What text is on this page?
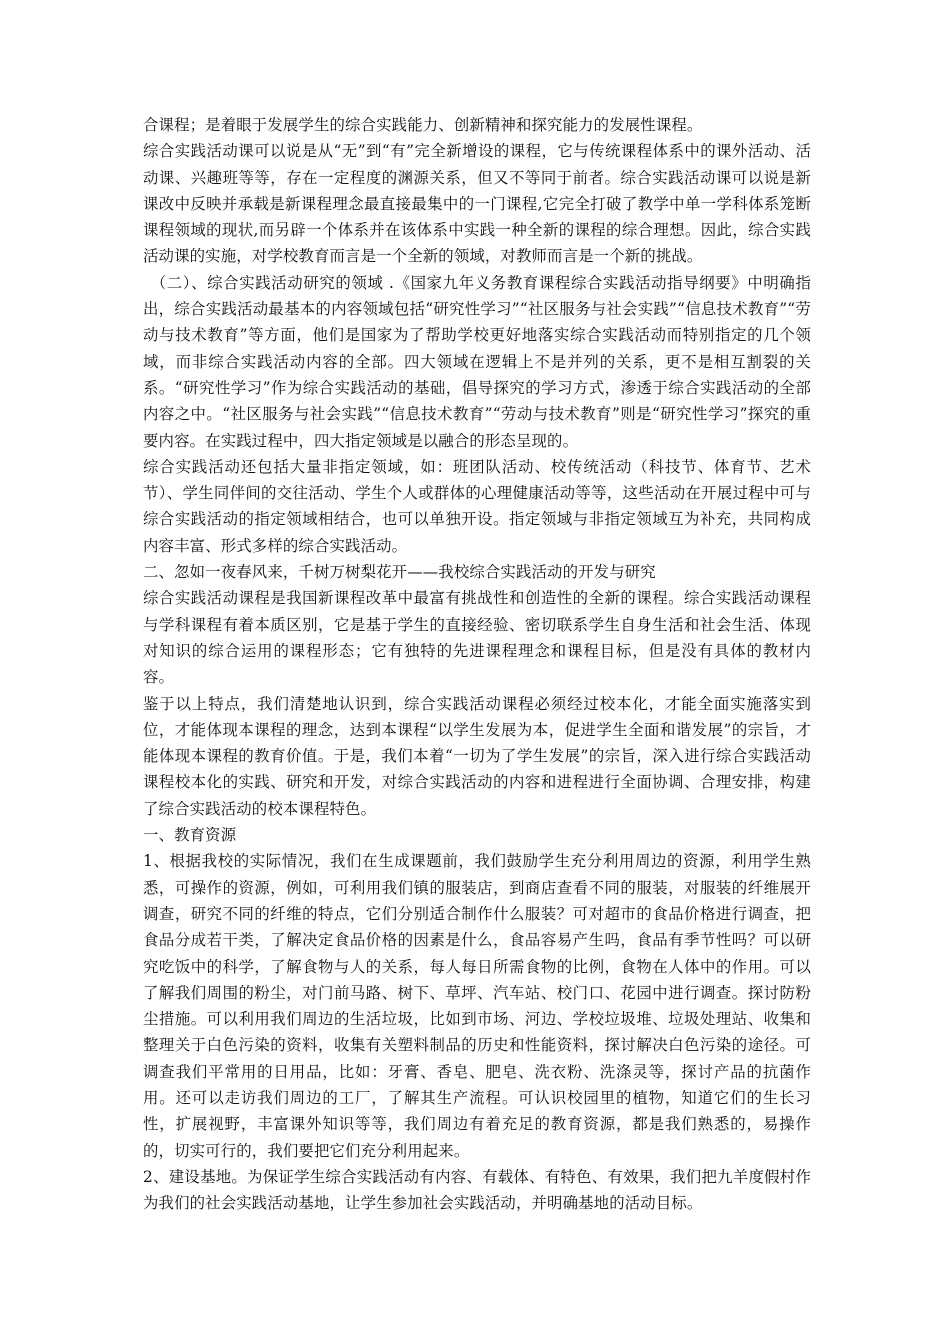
合课程；是着眼于发展学生的综合实践能力、创新精神和探究能力的发展性课程。

综合实践活动课可以说是从“无”到“有”完全新增设的课程，它与传统课程体系中的课外活动、活动课、兴趣班等等，存在一定程度的渊源关系，但又不等同于前者。综合实践活动课可以说是新课改中反映并承载是新课程理念最直接最集中的一门课程,它完全打破了教学中单一学科体系笼断课程领域的现状,而另辟一个体系并在该体系中实践一种全新的课程的综合理想。因此，综合实践活动课的实施，对学校教育而言是一个全新的领域，对教师而言是一个新的挑战。

（二）、综合实践活动研究的领域 .《国家九年义务教育课程综合实践活动指导纲要》中明确指出，综合实践活动最基本的内容领域包括“研究性学习”“社区服务与社会实践”“信息技术教育”“劳动与技术教育”等方面，他们是国家为了帮助学校更好地落实综合实践活动而特别指定的几个领域，而非综合实践活动内容的全部。四大领域在逻辑上不是并列的关系，更不是相互割裂的关系。“研究性学习”作为综合实践活动的基础，倡导探究的学习方式，渗透于综合实践活动的全部内容之中。“社区服务与社会实践”“信息技术教育”“劳动与技术教育”则是“研究性学习”探究的重要内容。在实践过程中，四大指定领域是以融合的形态呈现的。

综合实践活动还包括大量非指定领域，如：班团队活动、校传统活动（科技节、体育节、艺术节）、学生同伴间的交往活动、学生个人或群体的心理健康活动等等，这些活动在开展过程中可与综合实践活动的指定领域相结合，也可以单独开设。指定领域与非指定领域互为补充，共同构成内容丰富、形式多样的综合实践活动。

二、忽如一夜春风来，千树万树梨花开——我校综合实践活动的开发与研究

综合实践活动课程是我国新课程改革中最富有挑战性和创造性的全新的课程。综合实践活动课程与学科课程有着本质区别，它是基于学生的直接经验、密切联系学生自身生活和社会生活、体现对知识的综合运用的课程形态；它有独特的先进课程理念和课程目标，但是没有具体的教材内容。

鉴于以上特点，我们清楚地认识到，综合实践活动课程必须经过校本化，才能全面实施落实到位，才能体现本课程的理念，达到本课程“以学生发展为本，促进学生全面和谐发展”的宗旨，才能体现本课程的教育价值。于是，我们本着“一切为了学生发展”的宗旨，深入进行综合实践活动课程校本化的实践、研究和开发，对综合实践活动的内容和进程进行全面协调、合理安排，构建了综合实践活动的校本课程特色。

一、教育资源

1、根据我校的实际情况，我们在生成课题前，我们鼓励学生充分利用周边的资源，利用学生熟悉，可操作的资源，例如，可利用我们镇的服装店，到商店查看不同的服装，对服装的纤维展开调查，研究不同的纤维的特点，它们分别适合制作什么服装？可对超市的食品价格进行调查，把食品分成若干类，了解决定食品价格的因素是什么，食品容易产生吗，食品有季节性吗？可以研究吃饭中的科学，了解食物与人的关系，每人每日所需食物的比例，食物在人体中的作用。可以了解我们周围的粉尘，对门前马路、树下、草坪、汽车站、校门口、花园中进行调查。探讨防粉尘措施。可以利用我们周边的生活垃圾，比如到市场、河边、学校垃圾堆、垃圾处理站、收集和整理关于白色污染的资料，收集有关塑料制品的历史和性能资料，探讨解决白色污染的途径。可调查我们平常用的日用品，比如：牙膏、香皂、肥皂、洗衣粉、洗涤灵等，探讨产品的抗菌作用。还可以走访我们周边的工厂，了解其生产流程。可认识校园里的植物，知道它们的生长习性，扩展视野，丰富课外知识等等，我们周边有着充足的教育资源，都是我们熟悉的，易操作的，切实可行的，我们要把它们充分利用起来。

2、建设基地。为保证学生综合实践活动有内容、有载体、有特色、有效果，我们把九羊度假村作为我们的社会实践活动基地，让学生参加社会实践活动，并明确基地的活动目标。
